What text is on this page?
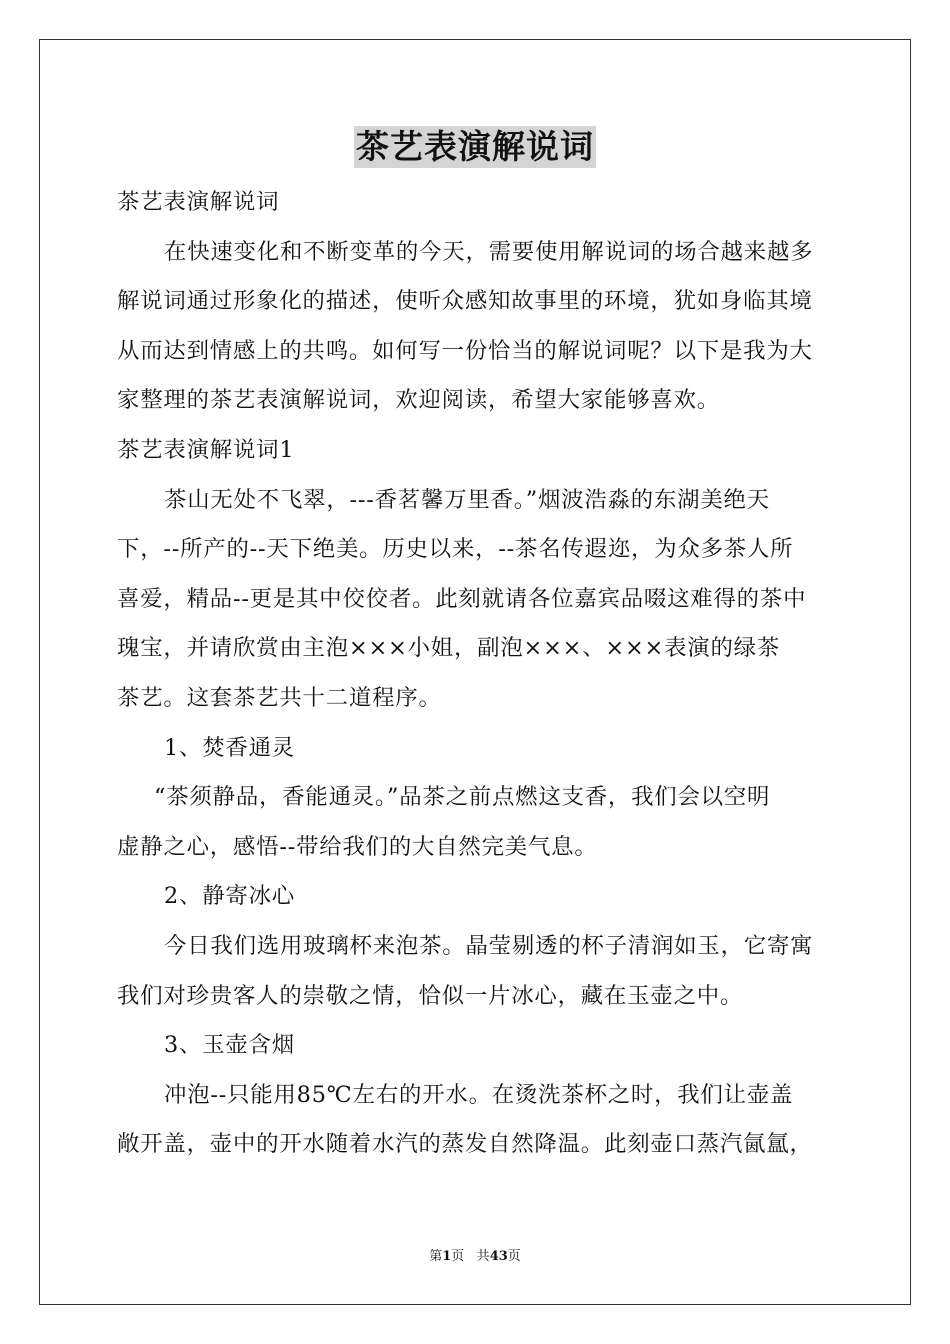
茶艺表演解说词
茶艺表演解说词
在快速变化和不断变革的今天，需要使用解说词的场合越来越多
解说词通过形象化的描述，使听众感知故事里的环境，犹如身临其境
从而达到情感上的共鸣。如何写一份恰当的解说词呢？以下是我为大
家整理的茶艺表演解说词，欢迎阅读，希望大家能够喜欢。
茶艺表演解说词1
茶山无处不飞翠，---香茗馨万里香。”烟波浩淼的东湖美绝天
下，--所产的--天下绝美。历史以来，--茶名传遐迩，为众多茶人所
喜爱，精品--更是其中佼佼者。此刻就请各位嘉宾品啜这难得的茶中
瑰宝，并请欣赏由主泡×××小姐，副泡×××、×××表演的绿茶
茶艺。这套茶艺共十二道程序。
1、焚香通灵
“茶须静品，香能通灵。”品茶之前点燃这支香，我们会以空明
虚静之心，感悟--带给我们的大自然完美气息。
2、静寄冰心
今日我们选用玻璃杯来泡茶。晶莹剔透的杯子清润如玉，它寄寓
我们对珍贵客人的崇敬之情，恰似一片冰心，藏在玉壶之中。
3、玉壶含烟
冲泡--只能用85℃左右的开水。在烫洗茶杯之时，我们让壶盖
敞开盖，壶中的开水随着水汽的蒸发自然降温。此刻壶口蒸汽氤氲，
第1页 共43页
